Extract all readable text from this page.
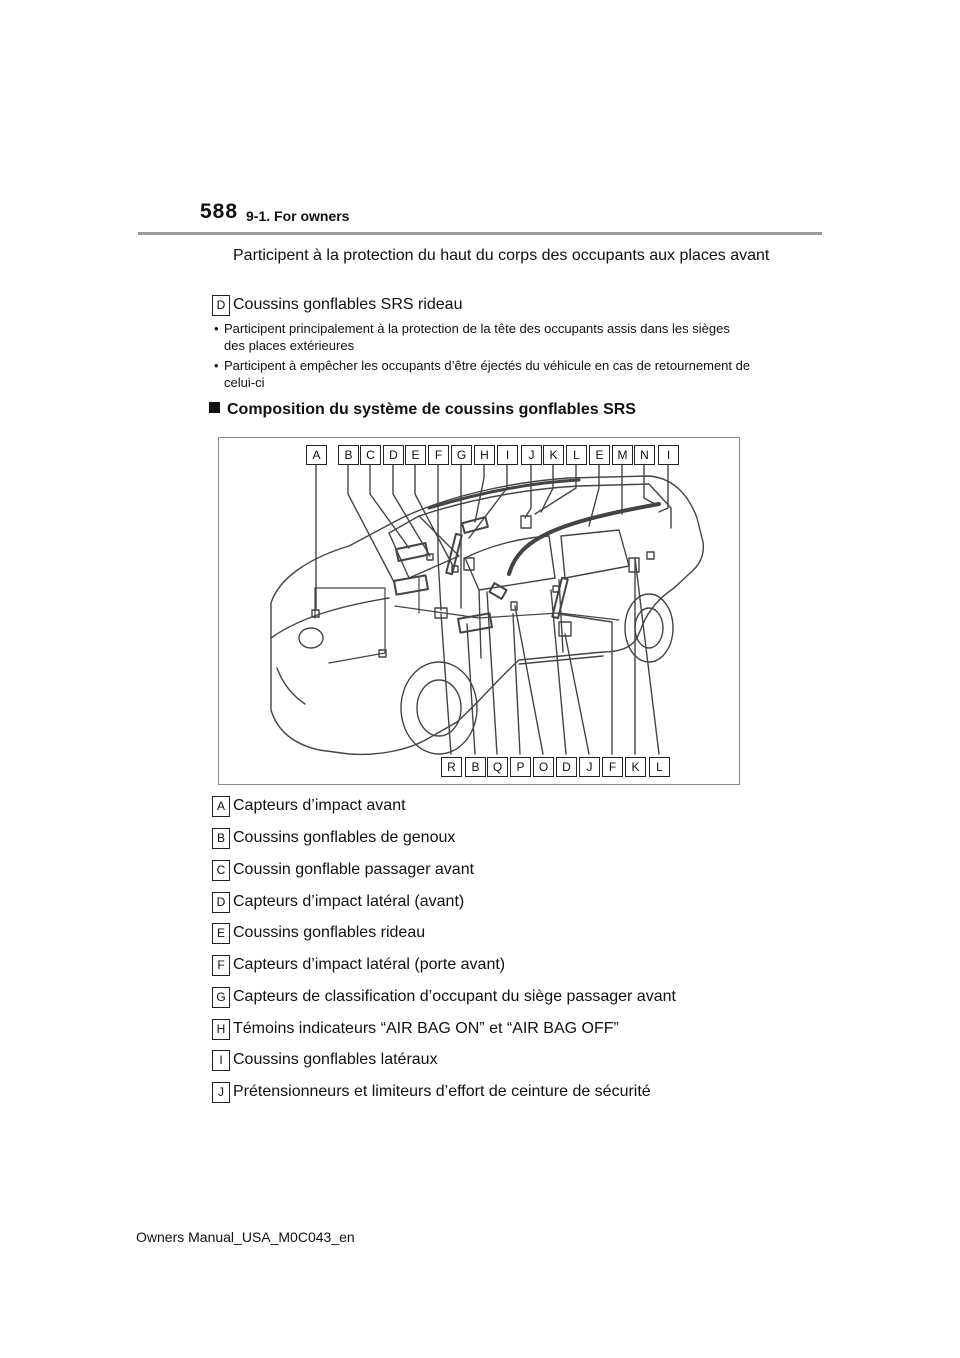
588 9-1. For owners
Participent à la protection du haut du corps des occupants aux places avant
D Coussins gonflables SRS rideau
• Participent principalement à la protection de la tête des occupants assis dans les sièges des places extérieures
• Participent à empêcher les occupants d’être éjectés du véhicule en cas de retournement de celui-ci
Composition du système de coussins gonflables SRS
A	B	C	D	E	F	G	H	I	J	K	L	E	M	N	I
R	B	Q	P	O	D	J	F	K	L
A Capteurs d’impact avant
B Coussins gonflables de genoux
C Coussin gonflable passager avant
D Capteurs d’impact latéral (avant)
E Coussins gonflables rideau
F Capteurs d’impact latéral (porte avant)
G Capteurs de classification d’occupant du siège passager avant
H Témoins indicateurs “AIR BAG ON” et “AIR BAG OFF”
I Coussins gonflables latéraux
J Prétensionneurs et limiteurs d’effort de ceinture de sécurité
Owners Manual_USA_M0C043_en
